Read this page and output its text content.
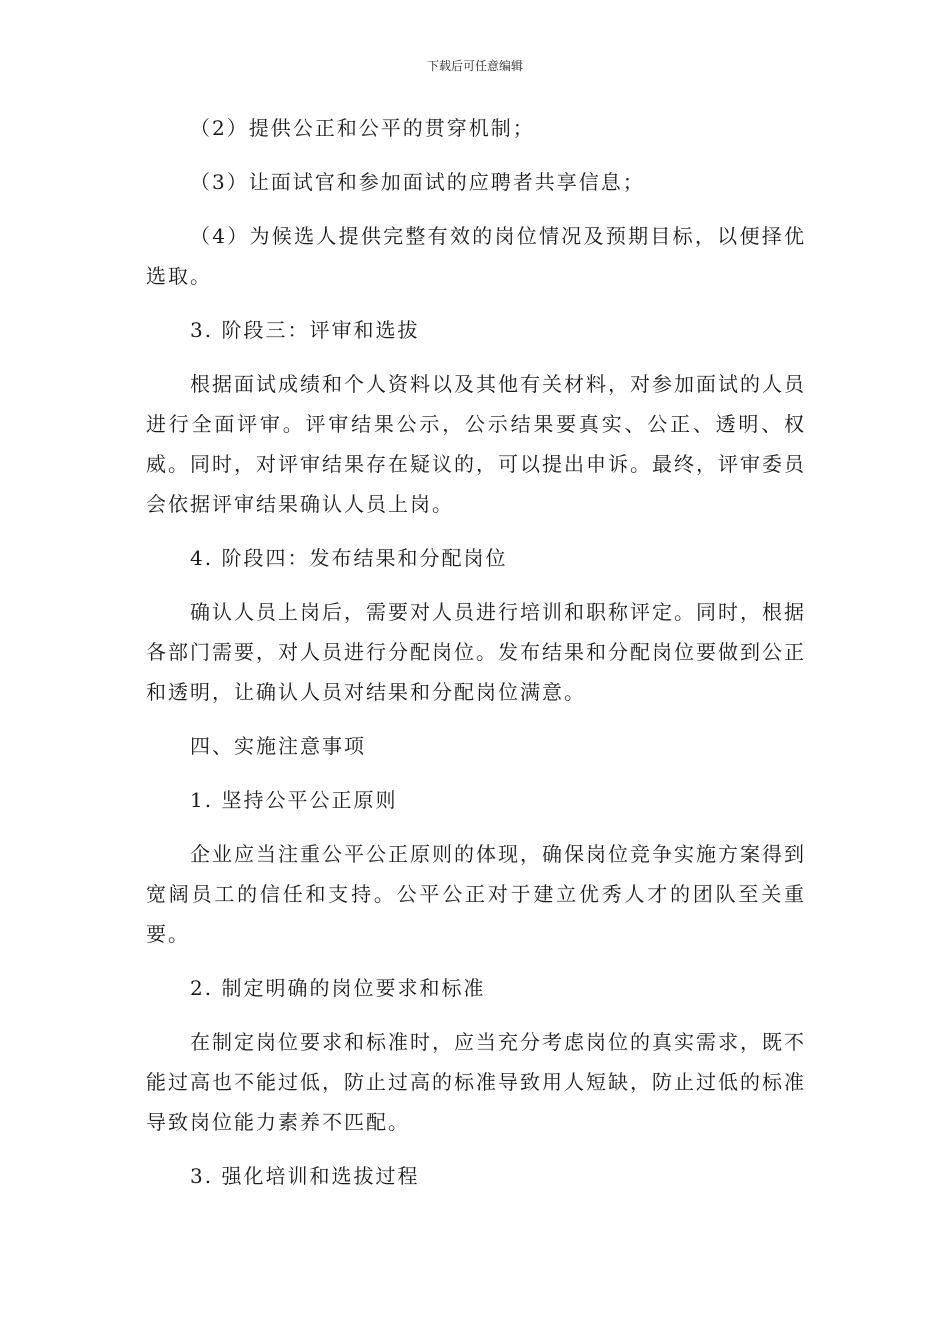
下载后可任意编辑

（2）提供公正和公平的贯穿机制；

（3）让面试官和参加面试的应聘者共享信息；

（4）为候选人提供完整有效的岗位情况及预期目标，以便择优选取。

3. 阶段三：评审和选拔

根据面试成绩和个人资料以及其他有关材料，对参加面试的人员进行全面评审。评审结果公示，公示结果要真实、公正、透明、权威。同时，对评审结果存在疑议的，可以提出申诉。最终，评审委员会依据评审结果确认人员上岗。

4. 阶段四：发布结果和分配岗位

确认人员上岗后，需要对人员进行培训和职称评定。同时，根据各部门需要，对人员进行分配岗位。发布结果和分配岗位要做到公正和透明，让确认人员对结果和分配岗位满意。

四、实施注意事项

1. 坚持公平公正原则

企业应当注重公平公正原则的体现，确保岗位竞争实施方案得到宽阔员工的信任和支持。公平公正对于建立优秀人才的团队至关重要。

2. 制定明确的岗位要求和标准

在制定岗位要求和标准时，应当充分考虑岗位的真实需求，既不能过高也不能过低，防止过高的标准导致用人短缺，防止过低的标准导致岗位能力素养不匹配。

3. 强化培训和选拔过程
